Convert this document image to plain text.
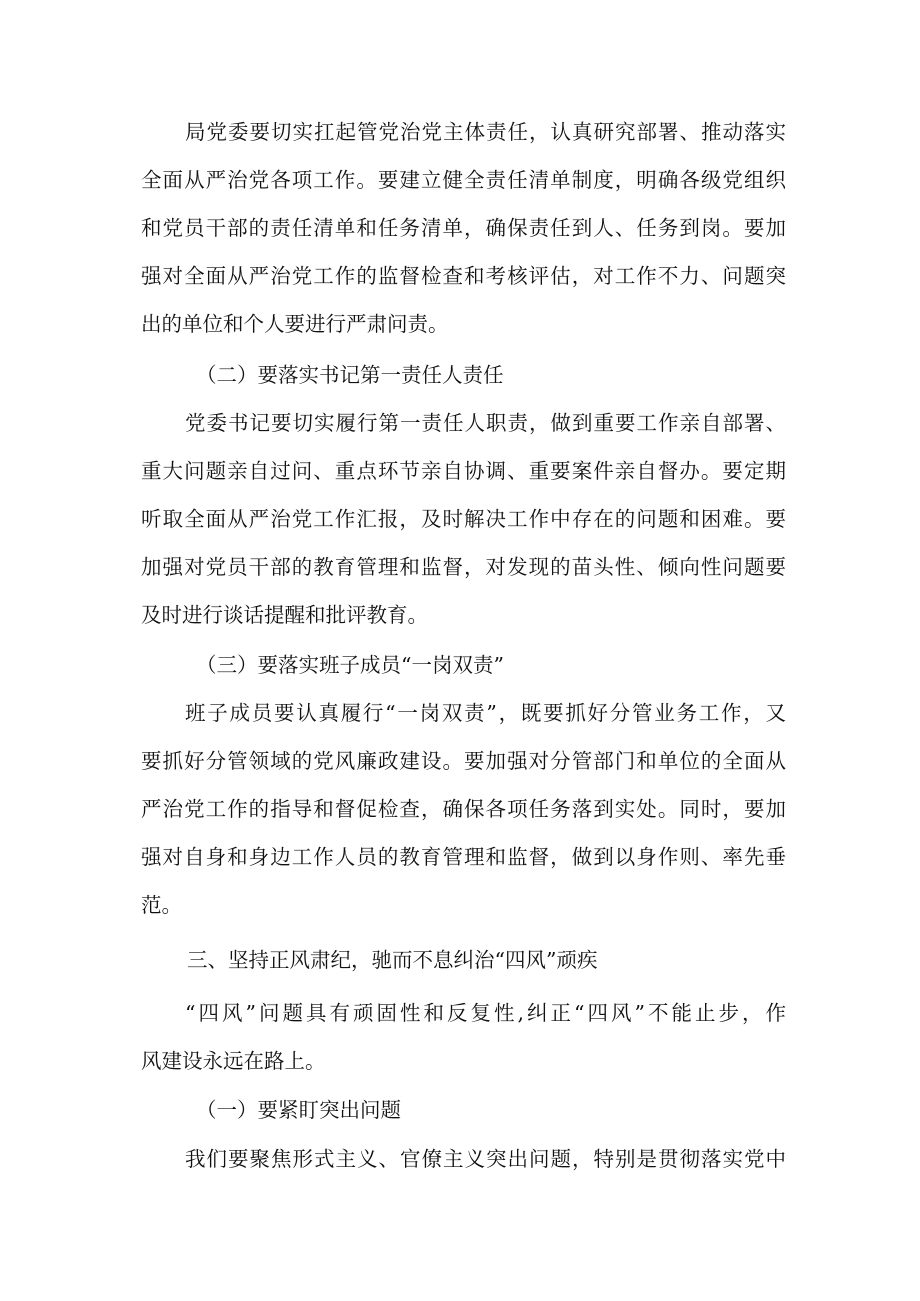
局党委要切实扛起管党治党主体责任，认真研究部署、推动落实
全面从严治党各项工作。要建立健全责任清单制度，明确各级党组织
和党员干部的责任清单和任务清单，确保责任到人、任务到岗。要加
强对全面从严治党工作的监督检查和考核评估，对工作不力、问题突
出的单位和个人要进行严肃问责。
（二）要落实书记第一责任人责任
党委书记要切实履行第一责任人职责，做到重要工作亲自部署、
重大问题亲自过问、重点环节亲自协调、重要案件亲自督办。要定期
听取全面从严治党工作汇报，及时解决工作中存在的问题和困难。要
加强对党员干部的教育管理和监督，对发现的苗头性、倾向性问题要
及时进行谈话提醒和批评教育。
（三）要落实班子成员“一岗双责”
班子成员要认真履行“一岗双责”，既要抓好分管业务工作，又
要抓好分管领域的党风廉政建设。要加强对分管部门和单位的全面从
严治党工作的指导和督促检查，确保各项任务落到实处。同时，要加
强对自身和身边工作人员的教育管理和监督，做到以身作则、率先垂
范。
三、坚持正风肃纪，驰而不息纠治“四风”顽疾
“四风”问题具有顽固性和反复性,纠正“四风”不能止步，作
风建设永远在路上。
（一）要紧盯突出问题
我们要聚焦形式主义、官僚主义突出问题，特别是贯彻落实党中
